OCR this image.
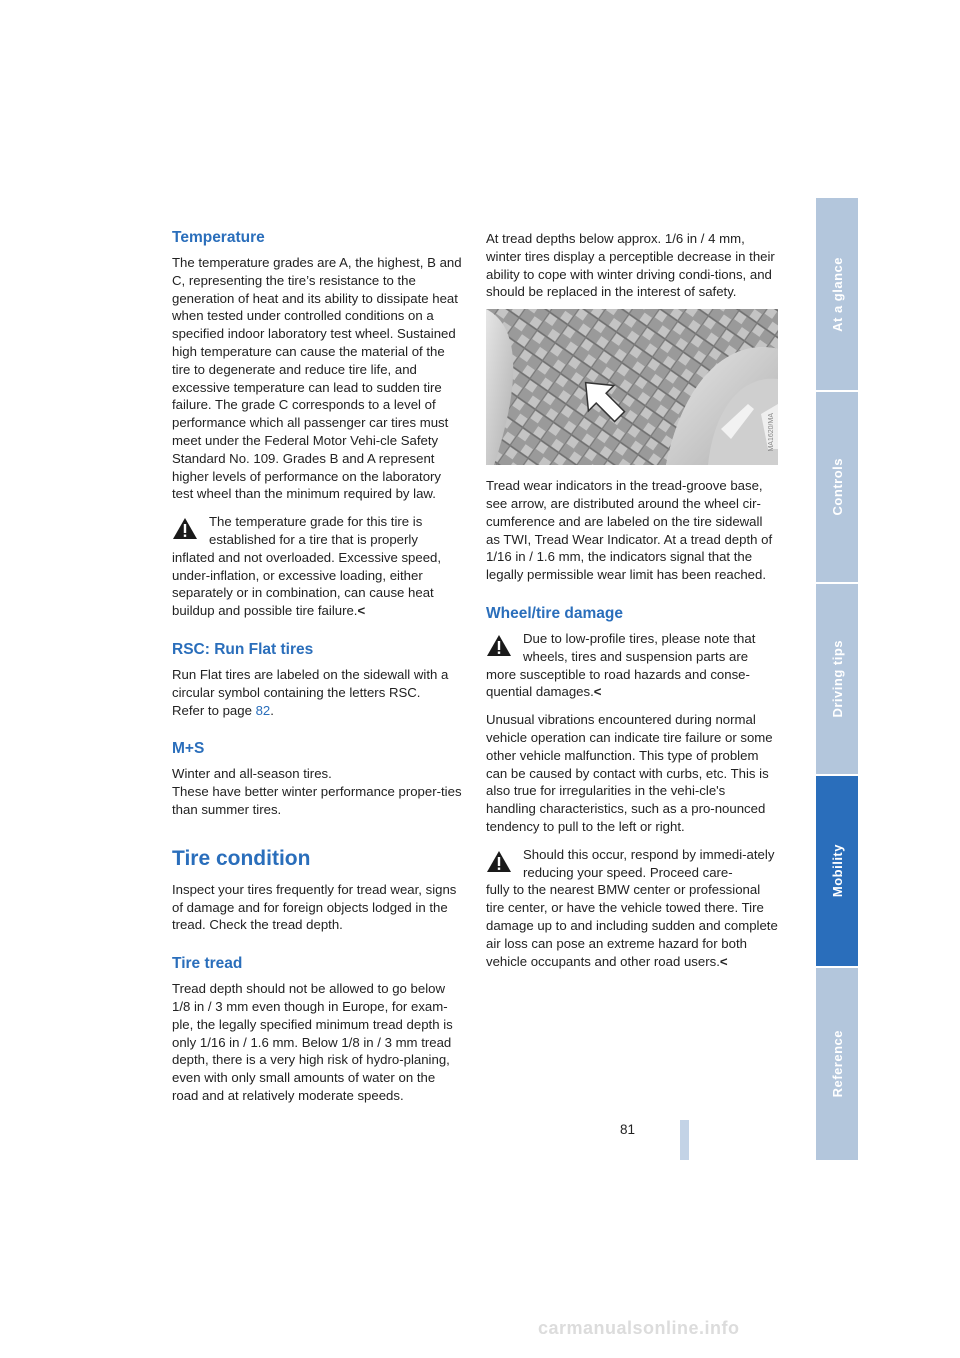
Temperature

The temperature grades are A, the highest, B and C, representing the tire’s resistance to the generation of heat and its ability to dissipate heat when tested under controlled conditions on a specified indoor laboratory test wheel. Sustained high temperature can cause the material of the tire to degenerate and reduce tire life, and excessive temperature can lead to sudden tire failure. The grade C corresponds to a level of performance which all passenger car tires must meet under the Federal Motor Vehi-cle Safety Standard No. 109. Grades B and A represent higher levels of performance on the laboratory test wheel than the minimum required by law.

The temperature grade for this tire is established for a tire that is properly

inflated and not overloaded. Excessive speed, under-inflation, or excessive loading, either separately or in combination, can cause heat buildup and possible tire failure.<

RSC: Run Flat tires

Run Flat tires are labeled on the sidewall with a circular symbol containing the letters RSC.
Refer to page 82.

M+S

Winter and all-season tires.

These have better winter performance proper-ties than summer tires.

Tire condition

Inspect your tires frequently for tread wear, signs of damage and for foreign objects lodged in the tread. Check the tread depth.

Tire tread

Tread depth should not be allowed to go below 1/8 in / 3 mm even though in Europe, for exam-ple, the legally specified minimum tread depth is only 1/16 in / 1.6 mm. Below 1/8 in / 3 mm tread depth, there is a very high risk of hydro-planing, even with only small amounts of water on the road and at relatively moderate speeds.

At tread depths below approx. 1/6 in / 4 mm, winter tires display a perceptible decrease in their ability to cope with winter driving condi-tions, and should be replaced in the interest of safety.

MA1620/MA

Tread wear indicators in the tread-groove base, see arrow, are distributed around the wheel cir-cumference and are labeled on the tire sidewall as TWI, Tread Wear Indicator. At a tread depth of 1/16 in / 1.6 mm, the indicators signal that the legally permissible wear limit has been reached.

Wheel/tire damage

Due to low-profile tires, please note that wheels, tires and suspension parts are

more susceptible to road hazards and conse-quential damages.<

Unusual vibrations encountered during normal vehicle operation can indicate tire failure or some other vehicle malfunction. This type of problem can be caused by contact with curbs, etc. This is also true for irregularities in the vehi-cle's handling characteristics, such as a pro-nounced tendency to pull to the left or right.

Should this occur, respond by immedi-ately reducing your speed. Proceed care-

fully to the nearest BMW center or professional tire center, or have the vehicle towed there. Tire damage up to and including sudden and complete air loss can pose an extreme hazard for both vehicle occupants and other road users.<

At a glance
Controls
Driving tips
Mobility
Reference
81
carmanualsonline.info
